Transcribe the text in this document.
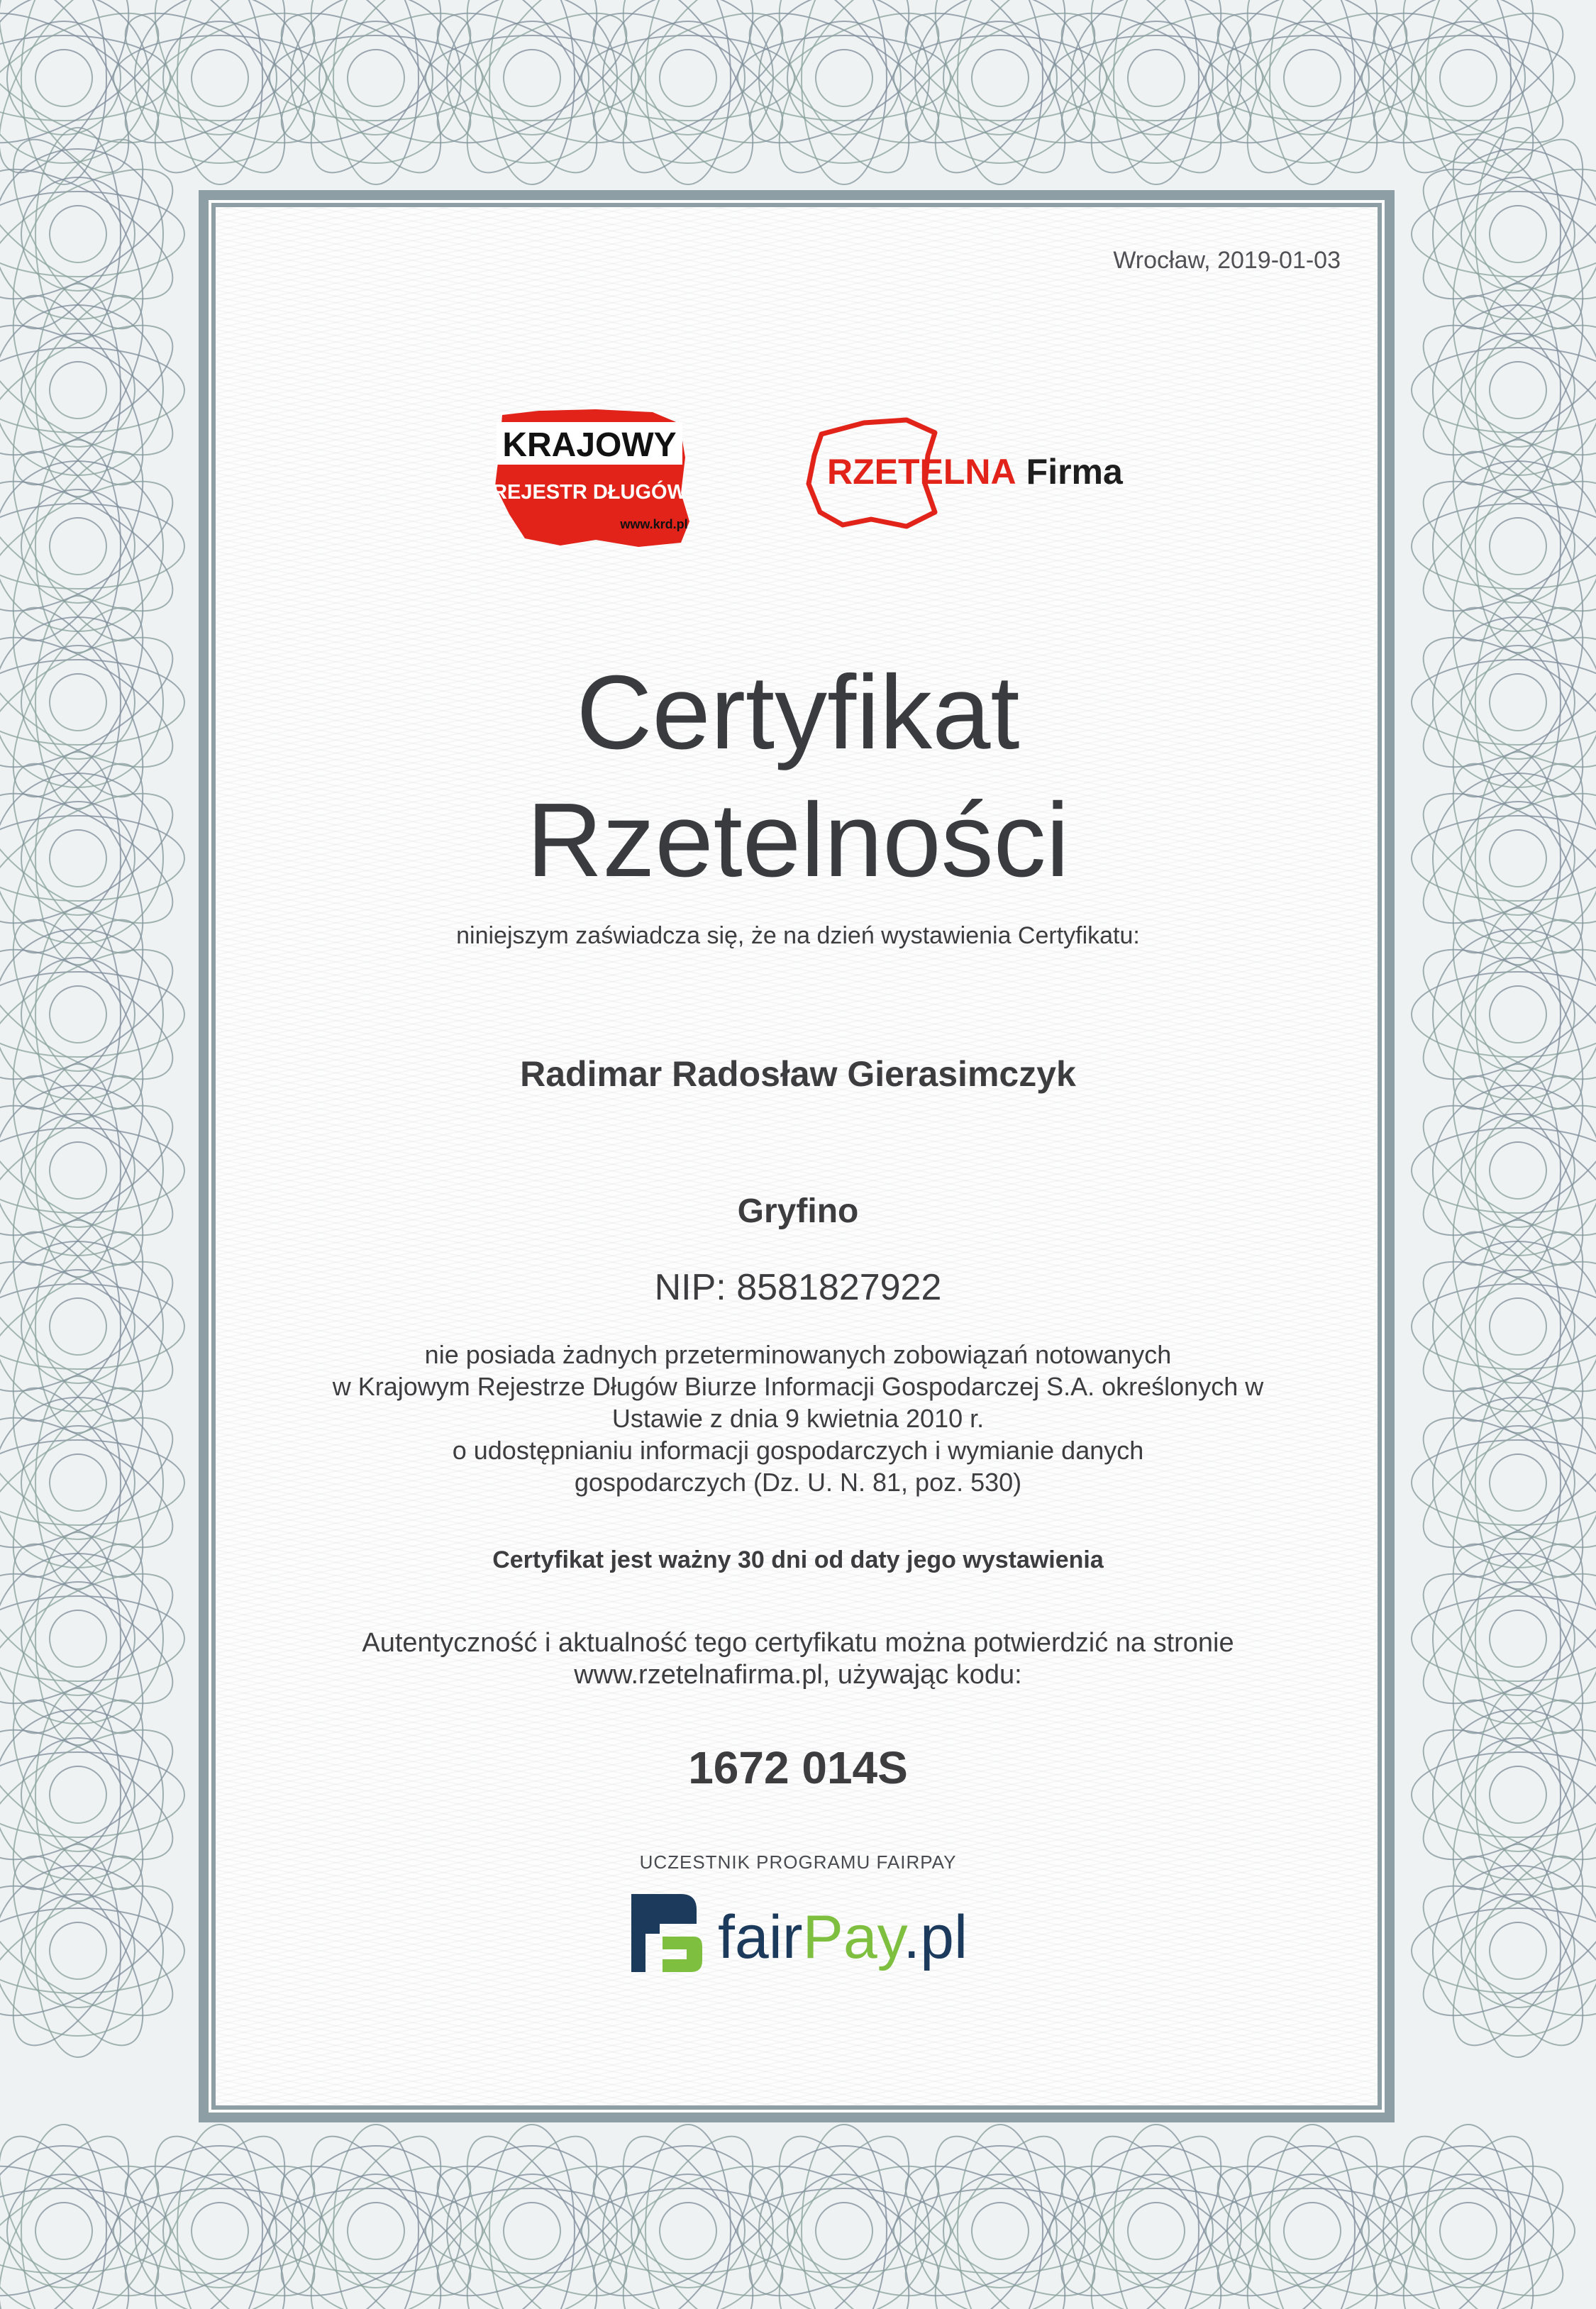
Wrocław, 2019-01-03
KRAJOWY
REJESTR DŁUGÓW
www.krd.pl
RZETELNA Firma
Certyfikat
Rzetelności

niniejszym zaświadcza się, że na dzień wystawienia Certyfikatu:

Radimar Radosław Gierasimczyk

Gryfino

NIP: 8581827922

nie posiada żadnych przeterminowanych zobowiązań notowanych

w Krajowym Rejestrze Długów Biurze Informacji Gospodarczej S.A. określonych w

Ustawie z dnia 9 kwietnia 2010 r.

o udostępnianiu informacji gospodarczych i wymianie danych

gospodarczych (Dz. U. N. 81, poz. 530)

Certyfikat jest ważny 30 dni od daty jego wystawienia

Autentyczność i aktualność tego certyfikatu można potwierdzić na stronie

www.rzetelnafirma.pl, używając kodu:

1672 014S

UCZESTNIK PROGRAMU FAIRPAY

fairPay.pl
